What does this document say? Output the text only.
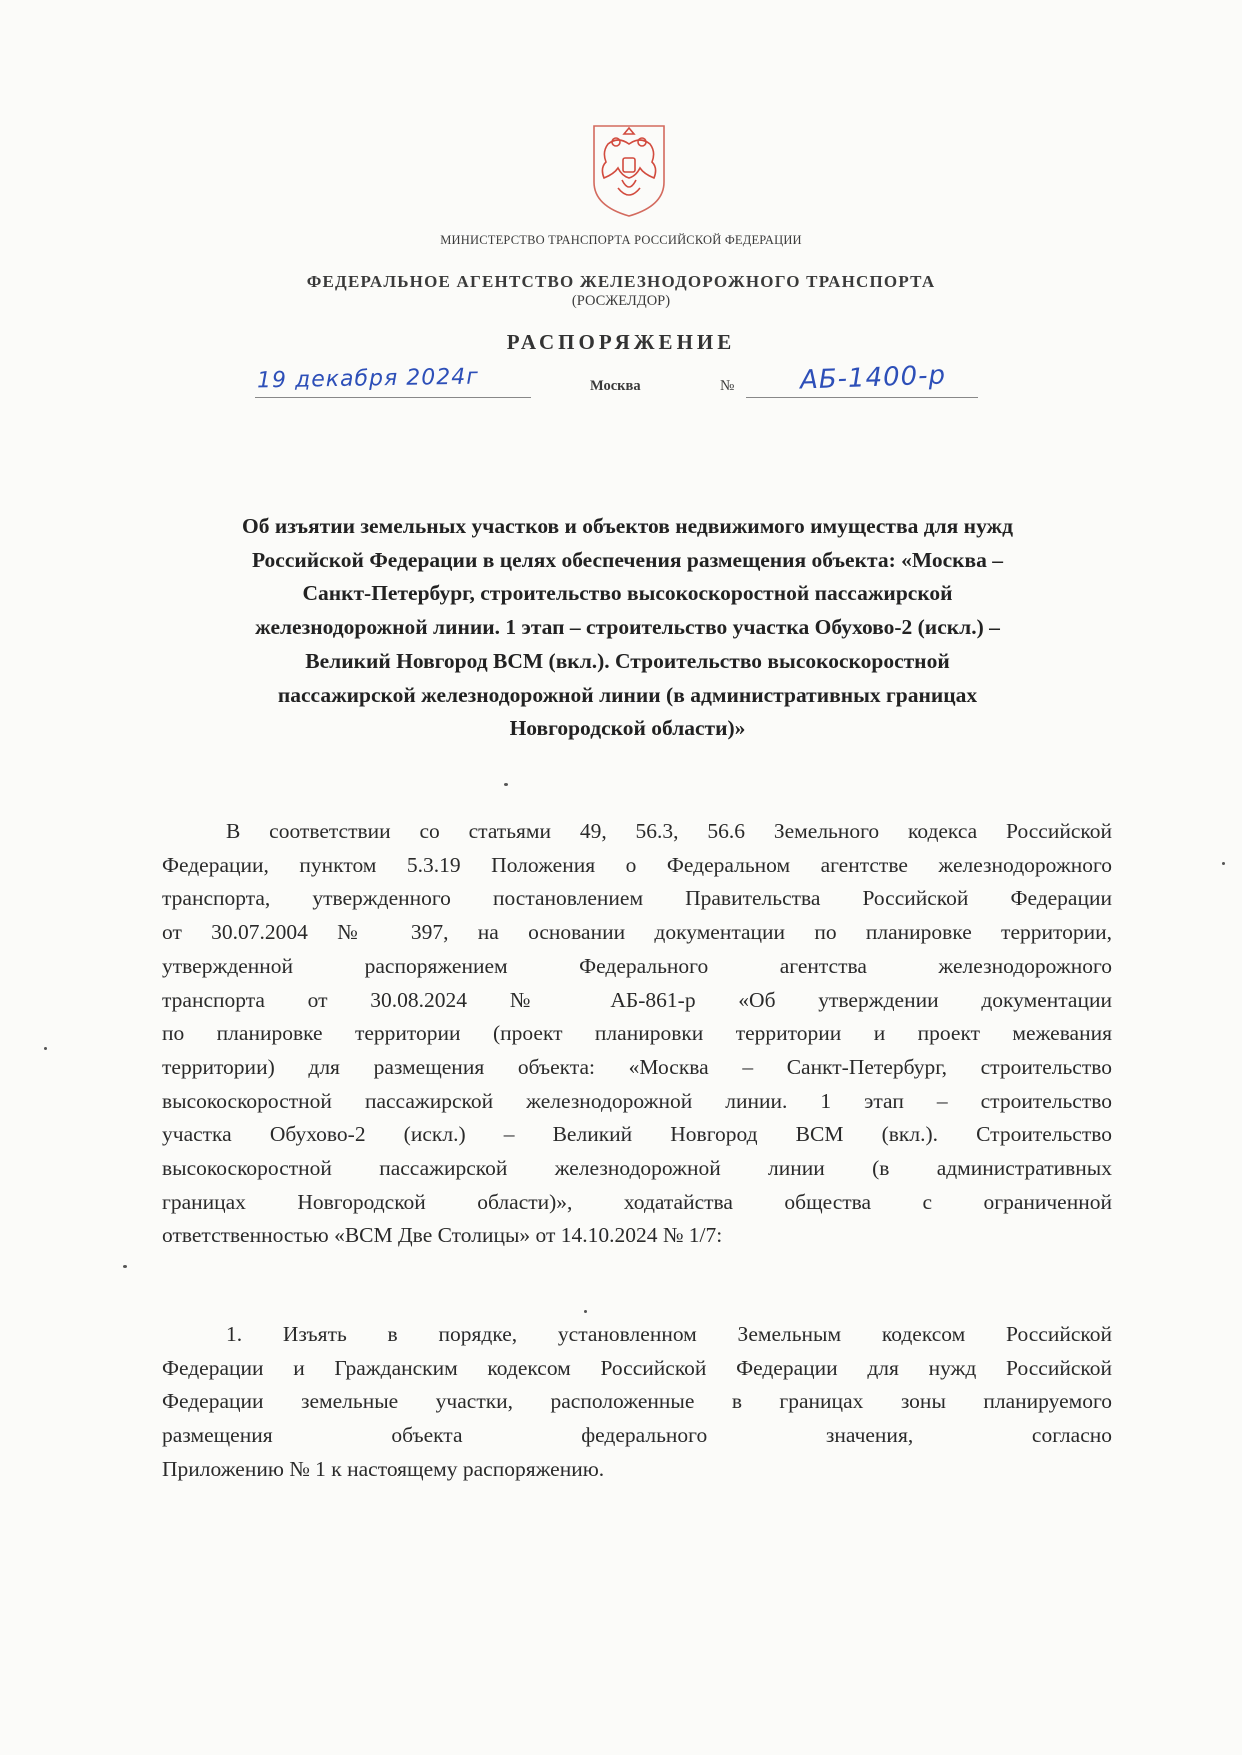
МИНИСТЕРСТВО ТРАНСПОРТА РОССИЙСКОЙ ФЕДЕРАЦИИ
ФЕДЕРАЛЬНОЕ АГЕНТСТВО ЖЕЛЕЗНОДОРОЖНОГО ТРАНСПОРТА
(РОСЖЕЛДОР)
РАСПОРЯЖЕНИЕ
19 декабря 2024г	Москва	№	АБ-1400-р
Об изъятии земельных участков и объектов недвижимого имущества для нужд
Российской Федерации в целях обеспечения размещения объекта: «Москва –
Санкт-Петербург, строительство высокоскоростной пассажирской
железнодорожной линии. 1 этап – строительство участка Обухово-2 (искл.) –
Великий Новгород ВСМ (вкл.). Строительство высокоскоростной
пассажирской железнодорожной линии (в административных границах
Новгородской области)»
В соответствии со статьями 49, 56.3, 56.6 Земельного кодекса Российской
Федерации, пунктом 5.3.19 Положения о Федеральном агентстве железнодорожного
транспорта, утвержденного постановлением Правительства Российской Федерации
от 30.07.2004 № 397, на основании документации по планировке территории,
утвержденной распоряжением Федерального агентства железнодорожного
транспорта от 30.08.2024 № АБ-861-р «Об утверждении документации
по планировке территории (проект планировки территории и проект межевания
территории) для размещения объекта: «Москва – Санкт-Петербург, строительство
высокоскоростной пассажирской железнодорожной линии. 1 этап – строительство
участка Обухово-2 (искл.) – Великий Новгород ВСМ (вкл.). Строительство
высокоскоростной пассажирской железнодорожной линии (в административных
границах Новгородской области)», ходатайства общества с ограниченной
ответственностью «ВСМ Две Столицы» от 14.10.2024 № 1/7:
1. Изъять в порядке, установленном Земельным кодексом Российской
Федерации и Гражданским кодексом Российской Федерации для нужд Российской
Федерации земельные участки, расположенные в границах зоны планируемого
размещения объекта федерального значения, согласно
Приложению № 1 к настоящему распоряжению.
